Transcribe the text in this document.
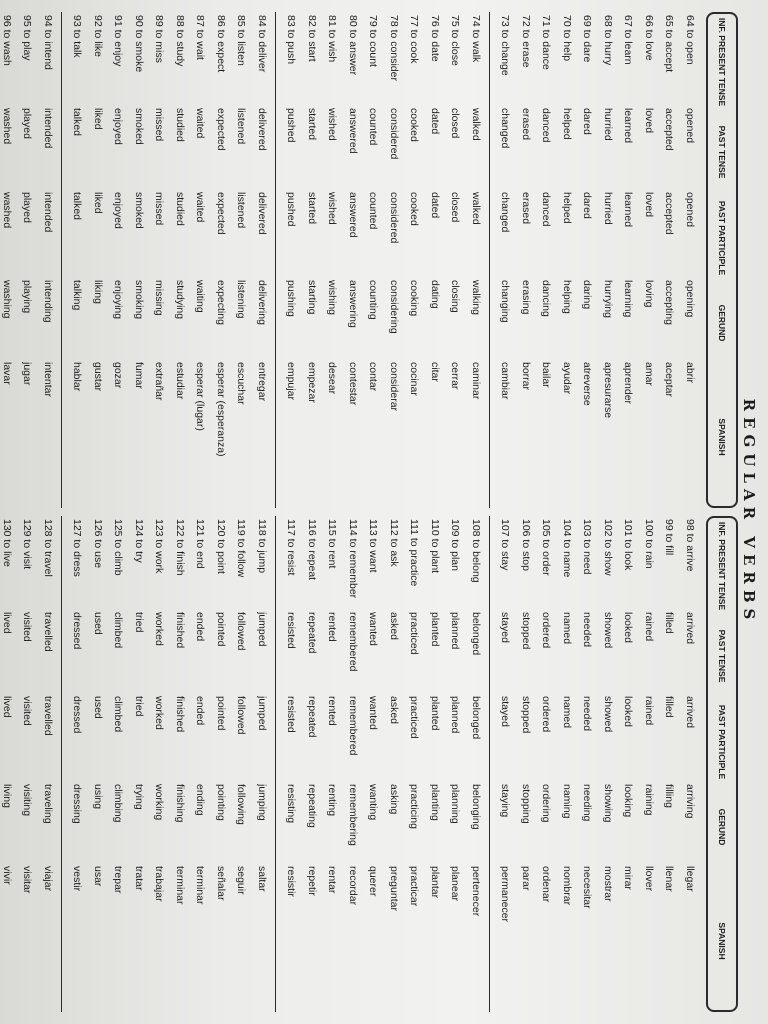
REGULAR VERBS
INF. PRESENT TENSE
PAST TENSE
PAST PARTICIPLE
GERUND
SPANISH
64 to open
opened
opened
opening
abrir
65 to accept
accepted
accepted
accepting
aceptar
66 to love
loved
loved
loving
amar
67 to learn
learned
learned
learning
aprender
68 to hurry
hurried
hurried
hurrying
apresurarse
69 to dare
dared
dared
daring
atreverse
70 to help
helped
helped
helping
ayudar
71 to dance
danced
danced
dancing
bailar
72 to erase
erased
erased
erasing
borrar
73 to change
changed
changed
changing
cambiar
74 to walk
walked
walked
walking
caminar
75 to close
closed
closed
closing
cerrar
76 to date
dated
dated
dating
citar
77 to cook
cooked
cooked
cooking
cocinar
78 to consider
considered
considered
considering
considerar
79 to count
counted
counted
counting
contar
80 to answer
answered
answered
answering
contestar
81 to wish
wished
wished
wishing
desear
82 to start
started
started
starting
empezar
83 to push
pushed
pushed
pushing
empujar
84 to deliver
delivered
delivered
delivering
entregar
85 to listen
listened
listened
listening
escuchar
86 to expect
expected
expected
expecting
esperar (esperanza)
87 to wait
waited
waited
waiting
esperar (lugar)
88 to study
studied
studied
studying
estudiar
89 to miss
missed
missed
missing
extrañar
90 to smoke
smoked
smoked
smoking
fumar
91 to enjoy
enjoyed
enjoyed
enjoying
gozar
92 to like
liked
liked
liking
gustar
93 to talk
talked
talked
talking
hablar
94 to intend
intended
intended
intending
intentar
95 to play
played
played
playing
jugar
96 to wash
washed
washed
washing
lavar
INF. PRESENT TENSE
PAST TENSE
PAST PARTICIPLE
GERUND
SPANISH
98 to arrive
arrived
arrived
arriving
llegar
99 to fill
filled
filled
filling
llenar
100 to rain
rained
rained
raining
llover
101 to look
looked
looked
looking
mirar
102 to show
showed
showed
showing
mostrar
103 to need
needed
needed
needing
necesitar
104 to name
named
named
naming
nombrar
105 to order
ordered
ordered
ordering
ordenar
106 to stop
stopped
stopped
stopping
parar
107 to stay
stayed
stayed
staying
permanecer
108 to belong
belonged
belonged
belonging
pertenecer
109 to plan
planned
planned
planning
planear
110 to plant
planted
planted
planting
plantar
111 to practice
practiced
practiced
practicing
practicar
112 to ask
asked
asked
asking
preguntar
113 to want
wanted
wanted
wanting
querer
114 to remember
remembered
remembered
remembering
recordar
115 to rent
rented
rented
renting
rentar
116 to repeat
repeated
repeated
repeating
repetir
117 to resist
resisted
resisted
resisting
resistir
118 to jump
jumped
jumped
jumping
saltar
119 to follow
followed
followed
following
seguir
120 to point
pointed
pointed
pointing
señalar
121 to end
ended
ended
ending
terminar
122 to finish
finished
finished
finishing
terminar
123 to work
worked
worked
working
trabajar
124 to try
tried
tried
trying
tratar
125 to climb
climbed
climbed
climbing
trepar
126 to use
used
used
using
usar
127 to dress
dressed
dressed
dressing
vestir
128 to travel
travelled
travelled
traveling
viajar
129 to visit
visited
visited
visiting
visitar
130 to live
lived
lived
living
vivir
